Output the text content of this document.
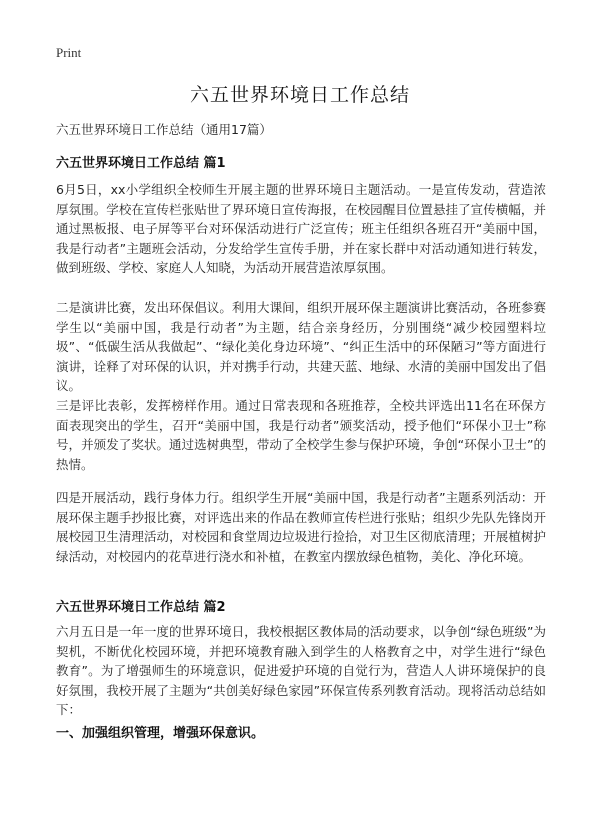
Print
六五世界环境日工作总结
六五世界环境日工作总结（通用17篇）
六五世界环境日工作总结 篇1

6月5日，xx小学组织全校师生开展主题的世界环境日主题活动。一是宣传发动，营造浓厚氛围。学校在宣传栏张贴世了界环境日宣传海报，在校园醒目位置悬挂了宣传横幅，并通过黑板报、电子屏等平台对环保活动进行广泛宣传；班主任组织各班召开“美丽中国，我是行动者”主题班会活动，分发给学生宣传手册，并在家长群中对活动通知进行转发，做到班级、学校、家庭人人知晓，为活动开展营造浓厚氛围。

二是演讲比赛，发出环保倡议。利用大课间，组织开展环保主题演讲比赛活动，各班参赛学生以“美丽中国，我是行动者”为主题，结合亲身经历，分别围绕“减少校园塑料垃圾”、“低碳生活从我做起”、“绿化美化身边环境”、“纠正生活中的环保陋习”等方面进行演讲，诠释了对环保的认识，并对携手行动，共建天蓝、地绿、水清的美丽中国发出了倡议。

三是评比表彰，发挥榜样作用。通过日常表现和各班推荐，全校共评选出11名在环保方面表现突出的学生，召开“美丽中国，我是行动者”颁奖活动，授予他们“环保小卫士”称号，并颁发了奖状。通过选树典型，带动了全校学生参与保护环境，争创“环保小卫士”的热情。

四是开展活动，践行身体力行。组织学生开展“美丽中国，我是行动者”主题系列活动：开展环保主题手抄报比赛，对评选出来的作品在教师宣传栏进行张贴；组织少先队先锋岗开展校园卫生清理活动，对校园和食堂周边垃圾进行捡拾，对卫生区彻底清理；开展植树护绿活动，对校园内的花草进行浇水和补植，在教室内摆放绿色植物，美化、净化环境。

六五世界环境日工作总结 篇2

六月五日是一年一度的世界环境日，我校根据区教体局的活动要求，以争创“绿色班级”为契机，不断优化校园环境，并把环境教育融入到学生的人格教育之中，对学生进行“绿色教育”。为了增强师生的环境意识，促进爱护环境的自觉行为，营造人人讲环境保护的良好氛围，我校开展了主题为“共创美好绿色家园”环保宣传系列教育活动。现将活动总结如下：

一、加强组织管理，增强环保意识。
